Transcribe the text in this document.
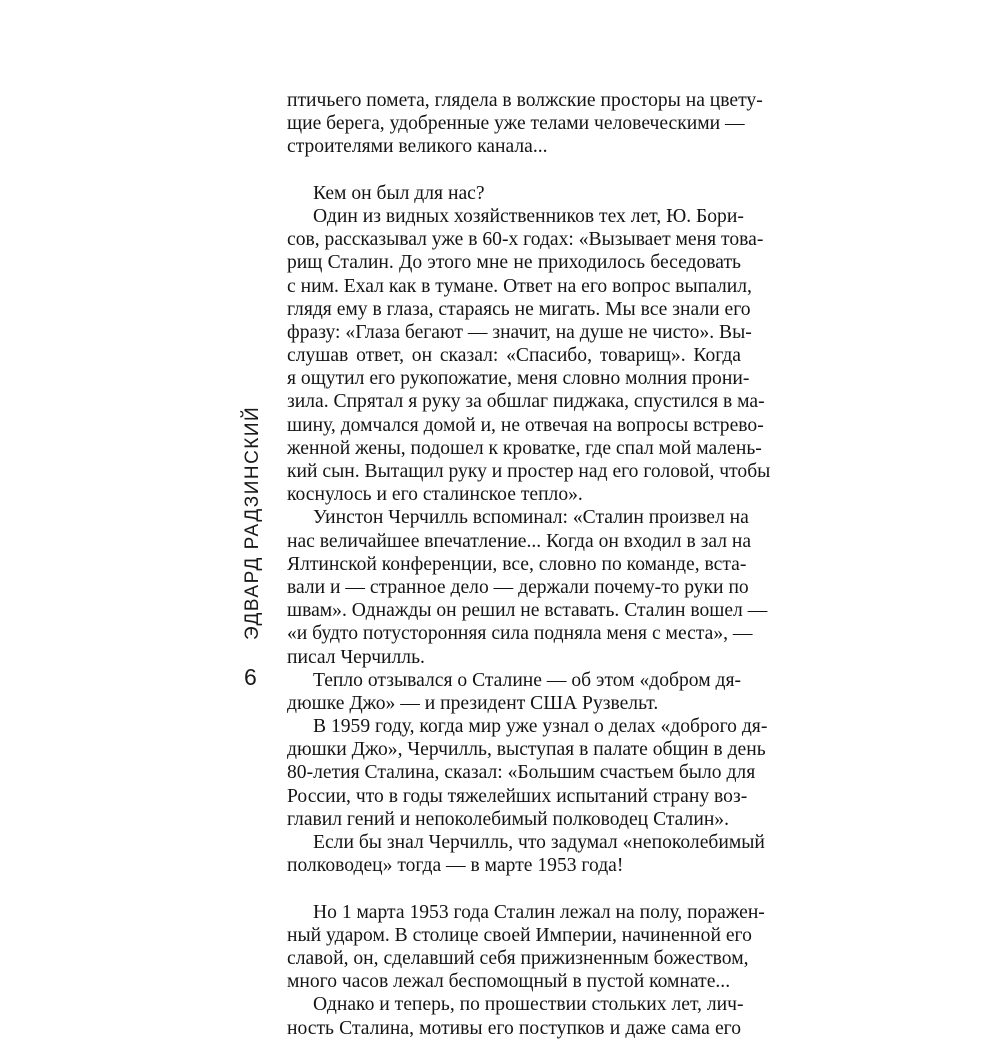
ЭДВАРД РАДЗИНСКИЙ
6
птичьего помета, глядела в волжские просторы на цвету-
щие берега, удобренные уже телами человеческими —
строителями великого канала...
Кем он был для нас?
Один из видных хозяйственников тех лет, Ю. Бори-
сов, рассказывал уже в 60-х годах: «Вызывает меня това-
рищ Сталин. До этого мне не приходилось беседовать
с ним. Ехал как в тумане. Ответ на его вопрос выпалил,
глядя ему в глаза, стараясь не мигать. Мы все знали его
фразу: «Глаза бегают — значит, на душе не чисто». Вы-
слушав ответ, он сказал: «Спасибо, товарищ». Когда
я ощутил его рукопожатие, меня словно молния прони-
зила. Спрятал я руку за обшлаг пиджака, спустился в ма-
шину, домчался домой и, не отвечая на вопросы встрево-
женной жены, подошел к кроватке, где спал мой малень-
кий сын. Вытащил руку и простер над его головой, чтобы
коснулось и его сталинское тепло».
Уинстон Черчилль вспоминал: «Сталин произвел на
нас величайшее впечатление... Когда он входил в зал на
Ялтинской конференции, все, словно по команде, вста-
вали и — странное дело — держали почему-то руки по
швам». Однажды он решил не вставать. Сталин вошел —
«и будто потусторонняя сила подняла меня с места», —
писал Черчилль.
Тепло отзывался о Сталине — об этом «добром дя-
дюшке Джо» — и президент США Рузвельт.
В 1959 году, когда мир уже узнал о делах «доброго дя-
дюшки Джо», Черчилль, выступая в палате общин в день
80-летия Сталина, сказал: «Большим счастьем было для
России, что в годы тяжелейших испытаний страну воз-
главил гений и непоколебимый полководец Сталин».
Если бы знал Черчилль, что задумал «непоколебимый
полководец» тогда — в марте 1953 года!
Но 1 марта 1953 года Сталин лежал на полу, поражен-
ный ударом. В столице своей Империи, начиненной его
славой, он, сделавший себя прижизненным божеством,
много часов лежал беспомощный в пустой комнате...
Однако и теперь, по прошествии стольких лет, лич-
ность Сталина, мотивы его поступков и даже сама его
